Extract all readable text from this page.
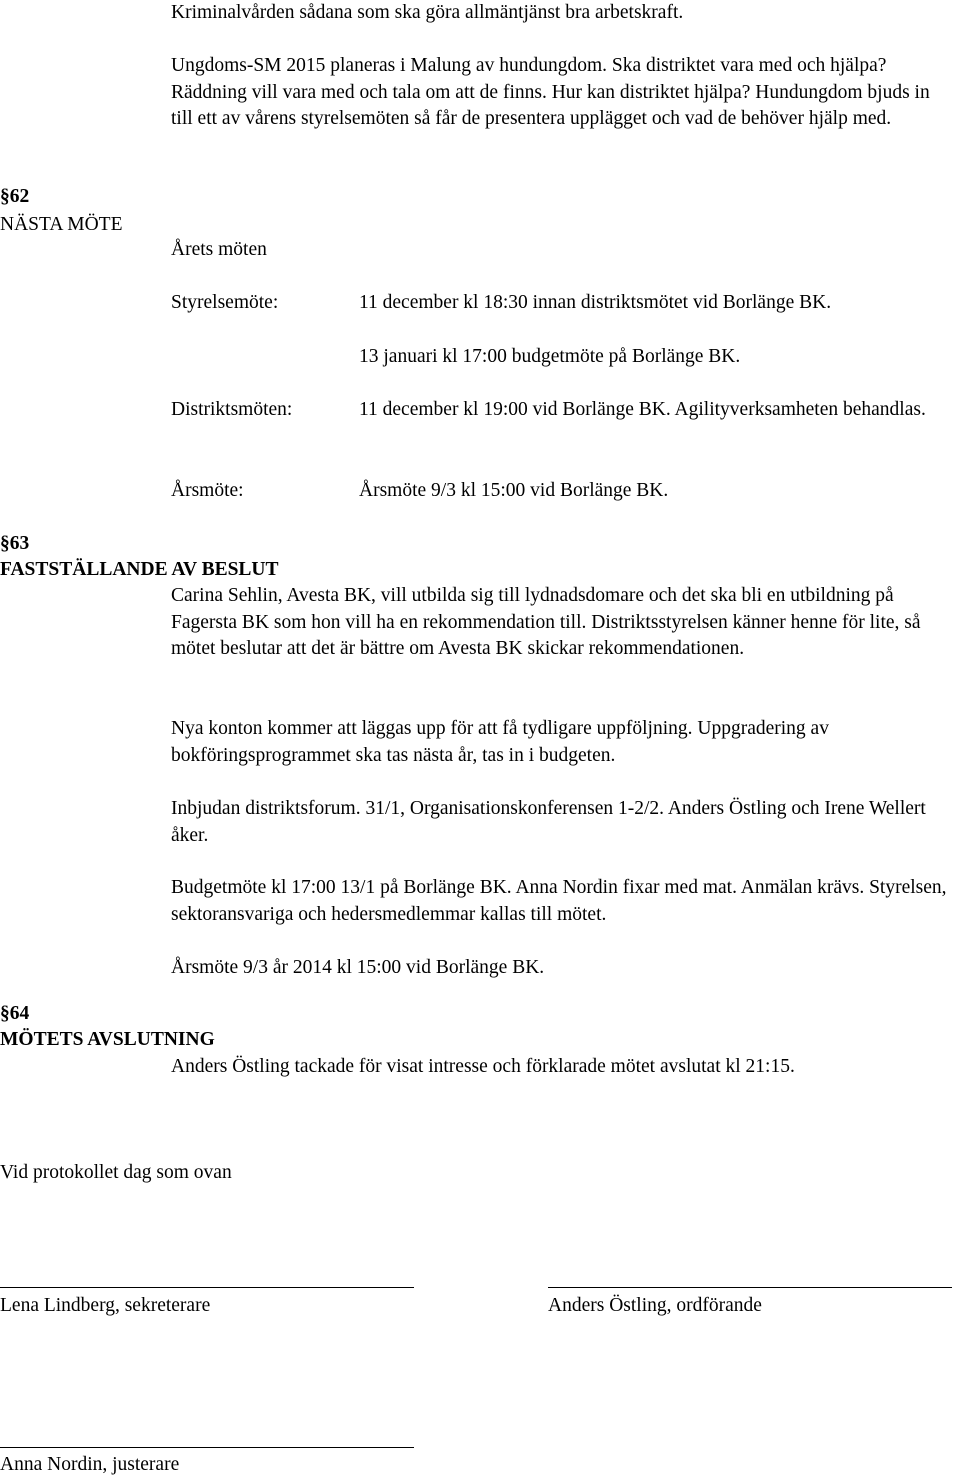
Kriminalvården sådana som ska göra allmäntjänst bra arbetskraft.
Ungdoms-SM 2015 planeras i Malung av hundungdom. Ska distriktet vara med och hjälpa? Räddning vill vara med och tala om att de finns. Hur kan distriktet hjälpa? Hundungdom bjuds in till ett av vårens styrelsemöten så får de presentera upplägget och vad de behöver hjälp med.
§62
NÄSTA MÖTE
Årets möten
Styrelsemöte:	11 december kl 18:30 innan distriktsmötet vid Borlänge BK.
13 januari kl 17:00 budgetmöte på Borlänge BK.
Distriktsmöten:	11 december kl 19:00 vid Borlänge BK. Agilityverksamheten behandlas.
Årsmöte:	Årsmöte 9/3 kl 15:00 vid Borlänge BK.
§63
FASTSTÄLLANDE AV BESLUT
Carina Sehlin, Avesta BK, vill utbilda sig till lydnadsdomare och det ska bli en utbildning på Fagersta BK som hon vill ha en rekommendation till. Distriktsstyrelsen känner henne för lite, så mötet beslutar att det är bättre om Avesta BK skickar rekommendationen.
Nya konton kommer att läggas upp för att få tydligare uppföljning. Uppgradering av bokföringsprogrammet ska tas nästa år, tas in i budgeten.
Inbjudan distriktsforum. 31/1, Organisationskonferensen 1-2/2. Anders Östling och Irene Wellert åker.
Budgetmöte kl 17:00 13/1 på Borlänge BK. Anna Nordin fixar med mat. Anmälan krävs. Styrelsen, sektoransvariga och hedersmedlemmar kallas till mötet.
Årsmöte 9/3 år 2014 kl 15:00 vid Borlänge BK.
§64
MÖTETS AVSLUTNING
Anders Östling tackade för visat intresse och förklarade mötet avslutat kl 21:15.
Vid protokollet dag som ovan
Lena Lindberg, sekreterare	Anders Östling, ordförande
Anna Nordin, justerare
